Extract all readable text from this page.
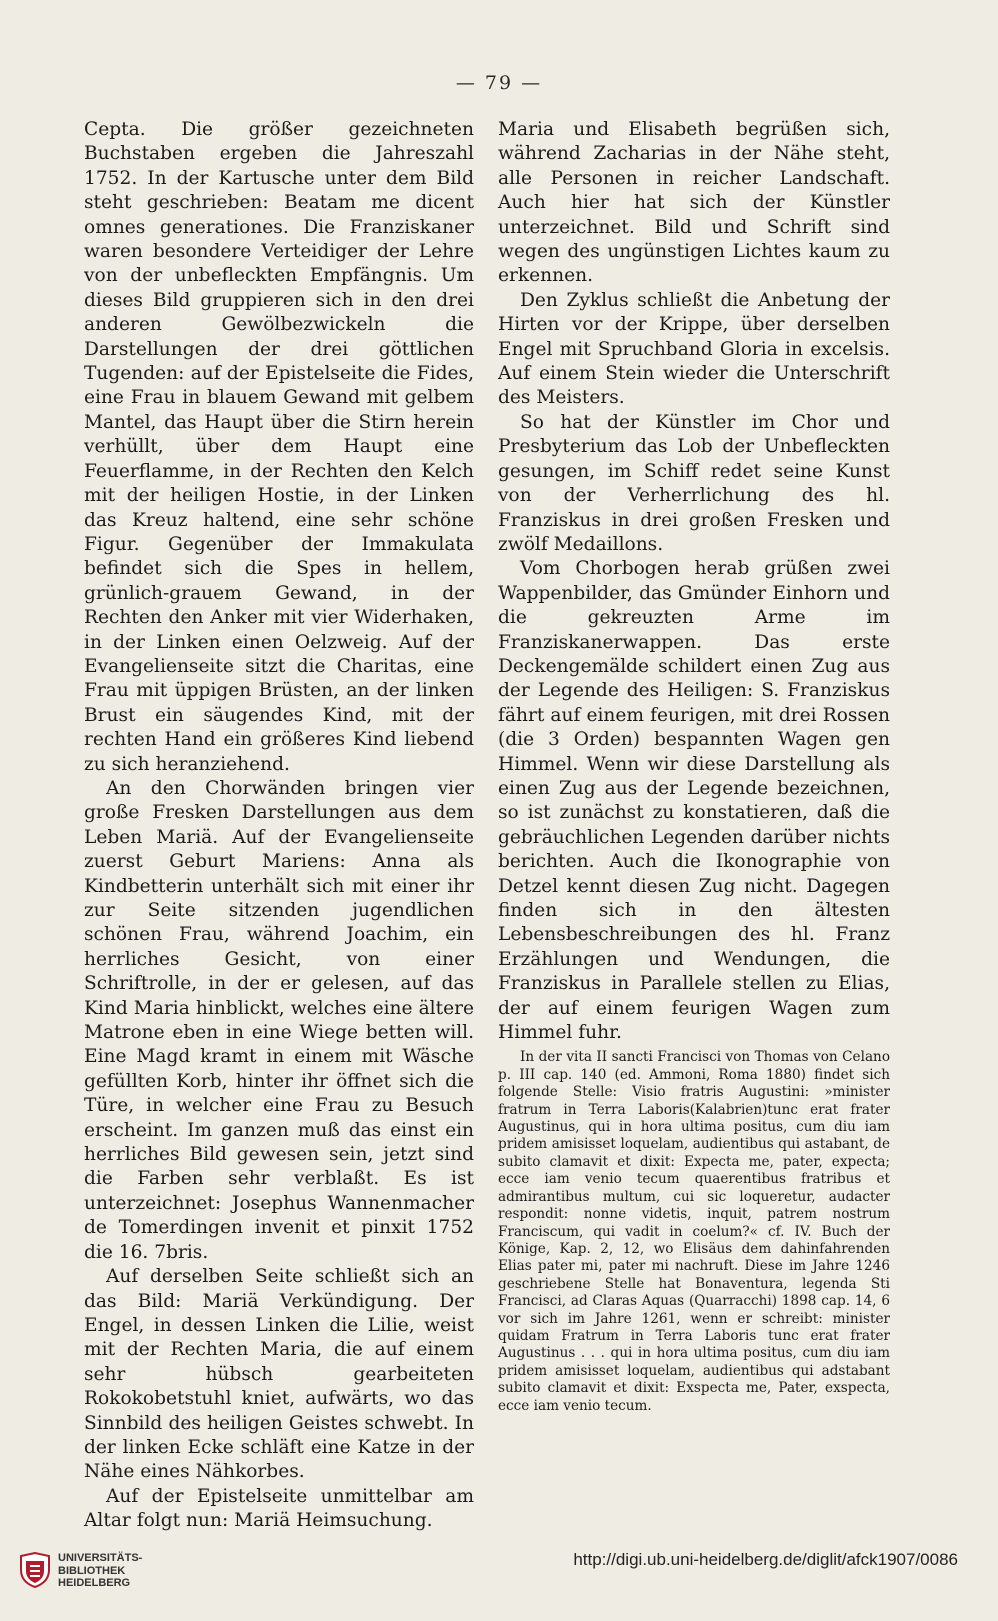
— 79 —

Cepta. Die größer gezeichneten Buchstaben ergeben die Jahreszahl 1752. In der Kartusche unter dem Bild steht geschrieben: Beatam me dicent omnes generationes. Die Franziskaner waren besondere Verteidiger der Lehre von der unbefleckten Empfängnis. Um dieses Bild gruppieren sich in den drei anderen Gewölbezwickeln die Darstellungen der drei göttlichen Tugenden: auf der Epistelseite die Fides, eine Frau in blauem Gewand mit gelbem Mantel, das Haupt über die Stirn herein verhüllt, über dem Haupt eine Feuerflamme, in der Rechten den Kelch mit der heiligen Hostie, in der Linken das Kreuz haltend, eine sehr schöne Figur. Gegenüber der Immakulata befindet sich die Spes in hellem, grünlich-grauem Gewand, in der Rechten den Anker mit vier Widerhaken, in der Linken einen Oelzweig. Auf der Evangelienseite sitzt die Charitas, eine Frau mit üppigen Brüsten, an der linken Brust ein säugendes Kind, mit der rechten Hand ein größeres Kind liebend zu sich heranziehend.

An den Chorwänden bringen vier große Fresken Darstellungen aus dem Leben Mariä. Auf der Evangelienseite zuerst Geburt Mariens: Anna als Kindbetterin unterhält sich mit einer ihr zur Seite sitzenden jugendlichen schönen Frau, während Joachim, ein herrliches Gesicht, von einer Schriftrolle, in der er gelesen, auf das Kind Maria hinblickt, welches eine ältere Matrone eben in eine Wiege betten will. Eine Magd kramt in einem mit Wäsche gefüllten Korb, hinter ihr öffnet sich die Türe, in welcher eine Frau zu Besuch erscheint. Im ganzen muß das einst ein herrliches Bild gewesen sein, jetzt sind die Farben sehr verblaßt. Es ist unterzeichnet: Josephus Wannenmacher de Tomerdingen invenit et pinxit 1752 die 16. 7bris.

Auf derselben Seite schließt sich an das Bild: Mariä Verkündigung. Der Engel, in dessen Linken die Lilie, weist mit der Rechten Maria, die auf einem sehr hübsch gearbeiteten Rokokobetstuhl kniet, aufwärts, wo das Sinnbild des heiligen Geistes schwebt. In der linken Ecke schläft eine Katze in der Nähe eines Nähkorbes.

Auf der Epistelseite unmittelbar am Altar folgt nun: Mariä Heimsuchung.

Maria und Elisabeth begrüßen sich, während Zacharias in der Nähe steht, alle Personen in reicher Landschaft. Auch hier hat sich der Künstler unterzeichnet. Bild und Schrift sind wegen des ungünstigen Lichtes kaum zu erkennen.

Den Zyklus schließt die Anbetung der Hirten vor der Krippe, über derselben Engel mit Spruchband Gloria in excelsis. Auf einem Stein wieder die Unterschrift des Meisters.

So hat der Künstler im Chor und Presbyterium das Lob der Unbefleckten gesungen, im Schiff redet seine Kunst von der Verherrlichung des hl. Franziskus in drei großen Fresken und zwölf Medaillons.

Vom Chorbogen herab grüßen zwei Wappenbilder, das Gmünder Einhorn und die gekreuzten Arme im Franziskanerwappen. Das erste Deckengemälde schildert einen Zug aus der Legende des Heiligen: S. Franziskus fährt auf einem feurigen, mit drei Rossen (die 3 Orden) bespannten Wagen gen Himmel. Wenn wir diese Darstellung als einen Zug aus der Legende bezeichnen, so ist zunächst zu konstatieren, daß die gebräuchlichen Legenden darüber nichts berichten. Auch die Ikonographie von Detzel kennt diesen Zug nicht. Dagegen finden sich in den ältesten Lebensbeschreibungen des hl. Franz Erzählungen und Wendungen, die Franziskus in Parallele stellen zu Elias, der auf einem feurigen Wagen zum Himmel fuhr.

In der vita II sancti Francisci von Thomas von Celano p. III cap. 140 (ed. Ammoni, Roma 1880) findet sich folgende Stelle: Visio fratris Augustini: »minister fratrum in Terra Laboris(Kalabrien)tunc erat frater Augustinus, qui in hora ultima positus, cum diu iam pridem amisisset loquelam, audientibus qui astabant, de subito clamavit et dixit: Expecta me, pater, expecta; ecce iam venio tecum quaerentibus fratribus et admirantibus multum, cui sic loqueretur, audacter respondit: nonne videtis, inquit, patrem nostrum Franciscum, qui vadit in coelum?« cf. IV. Buch der Könige, Kap. 2, 12, wo Elisäus dem dahinfahrenden Elias pater mi, pater mi nachruft. Diese im Jahre 1246 geschriebene Stelle hat Bonaventura, legenda Sti Francisci, ad Claras Aquas (Quarracchi) 1898 cap. 14, 6 vor sich im Jahre 1261, wenn er schreibt: minister quidam Fratrum in Terra Laboris tunc erat frater Augustinus . . . qui in hora ultima positus, cum diu iam pridem amisisset loquelam, audientibus qui adstabant subito clamavit et dixit: Exspecta me, Pater, exspecta, ecce iam venio tecum.

UNIVERSITÄTS-
BIBLIOTHEK
HEIDELBERG
http://digi.ub.uni-heidelberg.de/diglit/afck1907/0086
